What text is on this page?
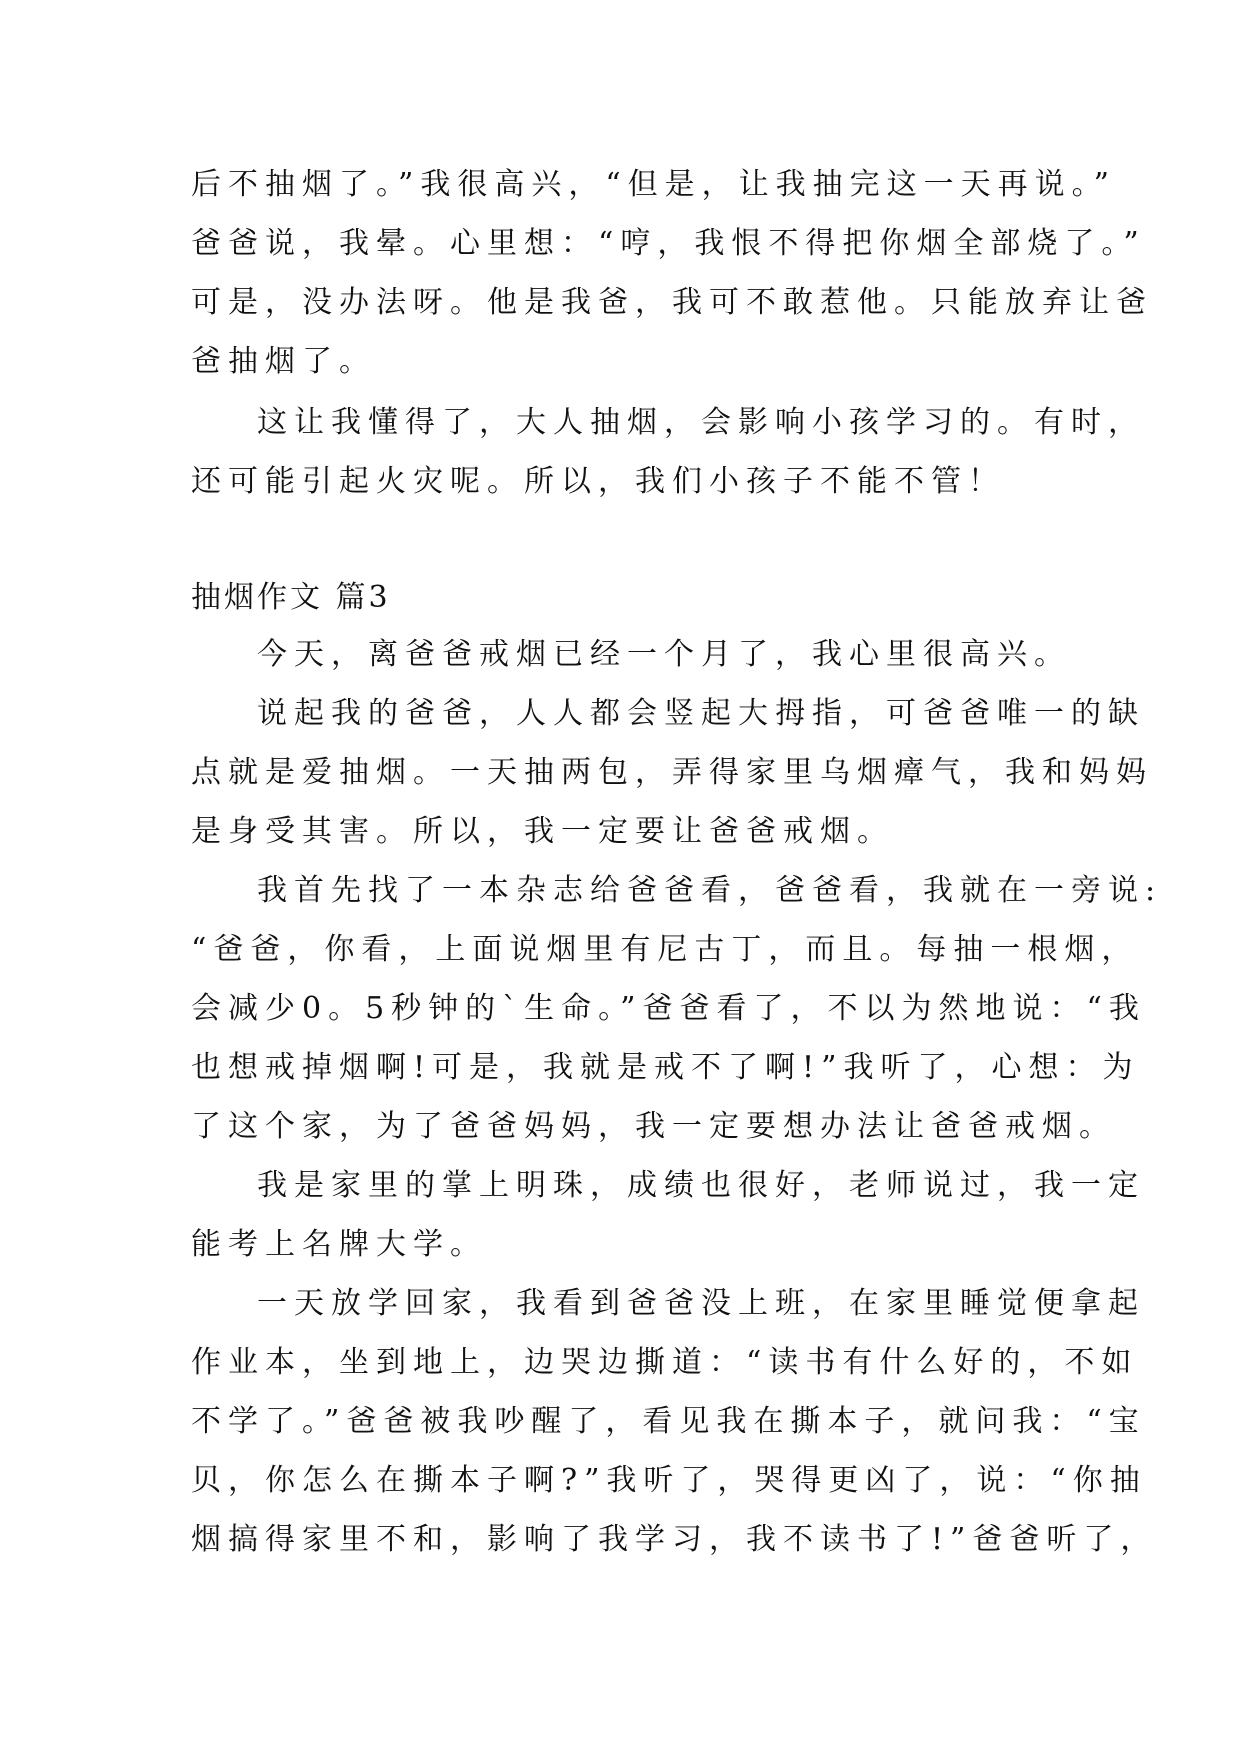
后不抽烟了。”我很高兴，“但是，让我抽完这一天再说。”
爸爸说，我晕。心里想：“哼，我恨不得把你烟全部烧了。”
可是，没办法呀。他是我爸，我可不敢惹他。只能放弃让爸
爸抽烟了。
这让我懂得了，大人抽烟，会影响小孩学习的。有时，
还可能引起火灾呢。所以，我们小孩子不能不管！
抽烟作文 篇3
今天，离爸爸戒烟已经一个月了，我心里很高兴。
说起我的爸爸，人人都会竖起大拇指，可爸爸唯一的缺
点就是爱抽烟。一天抽两包，弄得家里乌烟瘴气，我和妈妈
是身受其害。所以，我一定要让爸爸戒烟。
我首先找了一本杂志给爸爸看，爸爸看，我就在一旁说:
“爸爸，你看，上面说烟里有尼古丁，而且。每抽一根烟，
会减少0。5秒钟的`生命。”爸爸看了，不以为然地说：“我
也想戒掉烟啊!可是，我就是戒不了啊!”我听了，心想：为
了这个家，为了爸爸妈妈，我一定要想办法让爸爸戒烟。
我是家里的掌上明珠，成绩也很好，老师说过，我一定
能考上名牌大学。
一天放学回家，我看到爸爸没上班，在家里睡觉便拿起
作业本，坐到地上，边哭边撕道：“读书有什么好的，不如
不学了。”爸爸被我吵醒了，看见我在撕本子，就问我：“宝
贝，你怎么在撕本子啊?”我听了，哭得更凶了，说：“你抽
烟搞得家里不和，影响了我学习，我不读书了!”爸爸听了，
